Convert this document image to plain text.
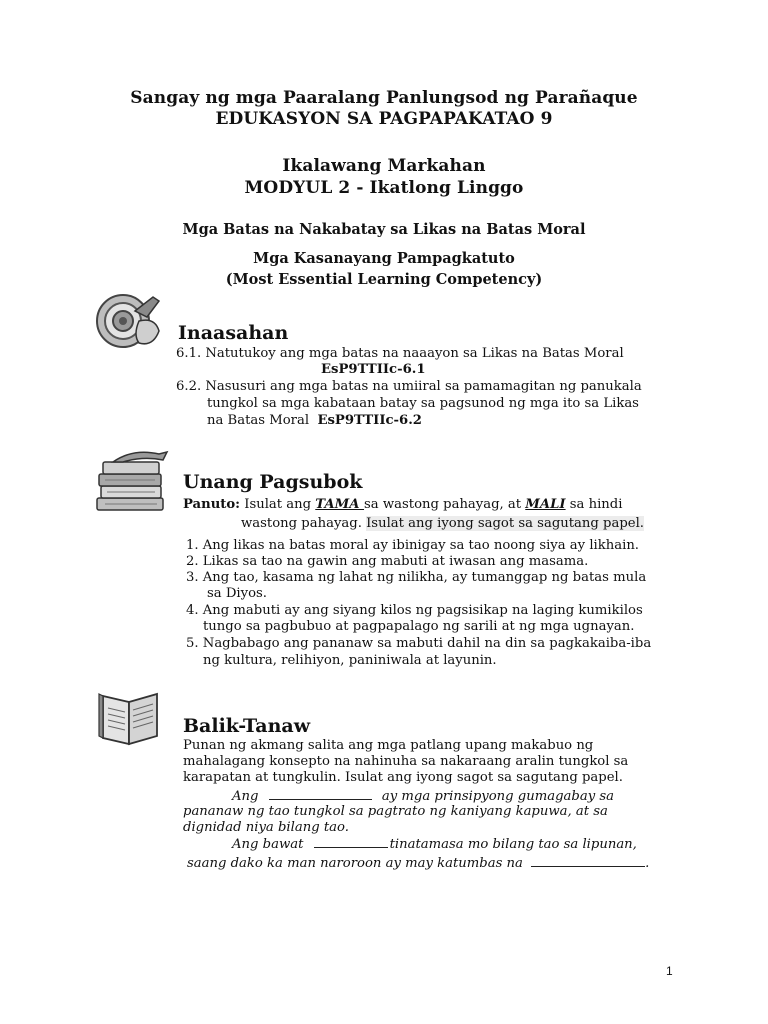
Sangay ng mga Paaralang Panlungsod ng Parañaque
EDUKASYON SA PAGPAPAKATAO 9
Ikalawang Markahan
MODYUL 2 - Ikatlong Linggo
Mga Batas na Nakabatay sa Likas na Batas Moral
Mga Kasanayang Pampagkatuto
(Most Essential Learning Competency)
Inaasahan
6.1. Natutukoy ang mga batas na naaayon sa Likas na Batas Moral
EsP9TTIIc-6.1
6.2. Nasusuri ang mga batas na umiiral sa pamamagitan ng panukala
tungkol sa mga kabataan batay sa pagsunod ng mga ito sa Likas
na Batas Moral EsP9TTIIc-6.2
Unang Pagsubok
Panuto: Isulat ang TAMA sa wastong pahayag, at MALI sa hindi
wastong pahayag. Isulat ang iyong sagot sa sagutang papel.
1. Ang likas na batas moral ay ibinigay sa tao noong siya ay likhain.
2. Likas sa tao na gawin ang mabuti at iwasan ang masama.
3. Ang tao, kasama ng lahat ng nilikha, ay tumanggap ng batas mula
sa Diyos.
4. Ang mabuti ay ang siyang kilos ng pagsisikap na laging kumikilos
tungo sa pagbubuo at pagpapalago ng sarili at ng mga ugnayan.
5. Nagbabago ang pananaw sa mabuti dahil na din sa pagkakaiba-iba
ng kultura, relihiyon, paniniwala at layunin.
Balik-Tanaw
Punan ng akmang salita ang mga patlang upang makabuo ng
mahalagang konsepto na nahinuha sa nakaraang aralin tungkol sa
karapatan at tungkulin. Isulat ang iyong sagot sa sagutang papel.
Ang	ay mga prinsipyong gumagabay sa
pananaw ng tao tungkol sa pagtrato ng kaniyang kapuwa, at sa
dignidad niya bilang tao.
Ang bawat	tinatamasa mo bilang tao sa lipunan,
saang dako ka man naroroon ay may katumbas na	.
1
